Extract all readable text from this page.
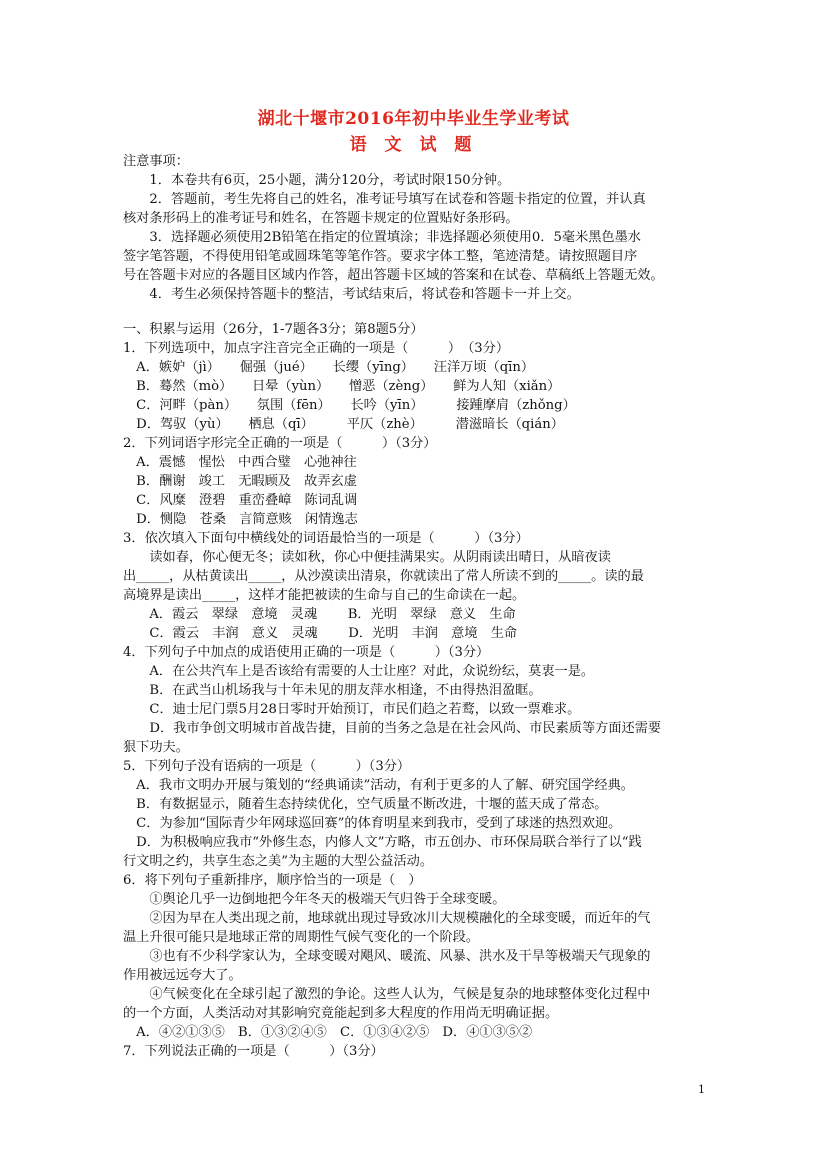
湖北十堰市2016年初中毕业生学业考试
语 文 试 题
注意事项：
　　1．本卷共有6页，25小题，满分120分，考试时限150分钟。
　　2．答题前，考生先将自己的姓名，准考证号填写在试卷和答题卡指定的位置，并认真
核对条形码上的准考证号和姓名，在答题卡规定的位置贴好条形码。
　　3．选择题必须使用2B铅笔在指定的位置填涂；非选择题必须使用0．5毫米黑色墨水
签字笔答题，不得使用铅笔或圆珠笔等笔作答。要求字体工整，笔迹清楚。请按照题目序
号在答题卡对应的各题目区域内作答，超出答题卡区域的答案和在试卷、草稿纸上答题无效。
　　4．考生必须保持答题卡的整洁，考试结束后，将试卷和答题卡一并上交。
一、积累与运用（26分，1-7题各3分；第8题5分）
1．下列选项中，加点字注音完全正确的一项是（　　　）　（3分）
　A．嫉妒（jì）　　倔强（jué）　　长缨（yīng）　　汪洋万顷（qīn）
　B．蓦然（mò）　　日晕（yùn）　　憎恶（zèng）　　鲜为人知（xiǎn）
　C．河畔（pàn）　　氛围（fēn）　　长吟（yīn）　　　接踵摩肩（zhǒng）
　D．驾驭（yù）　　栖息（qī）　　　平仄（zhè）　　　潜滋暗长（qián）
2．下列词语字形完全正确的一项是（　　　）（3分）
　A．震憾　惺忪　中西合璧　心弛神往
　B．酬谢　竣工　无暇顾及　故弄玄虚
　C．风糜　澄碧　重峦叠嶂　陈词乱调
　D．恻隐　苍桑　言简意赅　闲情逸志
3．依次填入下面句中横线处的词语最恰当的一项是（　　　）（3分）
　　读如春，你心便无冬；读如秋，你心中便挂满果实。从阴雨读出晴日，从暗夜读
出_____，从枯黄读出_____，从沙漠读出清泉，你就读出了常人所读不到的_____。读的最
高境界是读出_____，这样才能把被读的生命与自己的生命读在一起。
　　A．霞云　翠绿　意境　灵魂　　 B．光明　翠绿　意义　生命
　　C．霞云　丰润　意义　灵魂　　 D．光明　丰润　意境　生命
4．下列句子中加点的成语使用正确的一项是（　　　）（3分）
　　A．在公共汽车上是否该给有需要的人士让座？对此，众说纷纭，莫衷一是。
　　B．在武当山机场我与十年未见的朋友萍水相逢，不由得热泪盈眶。
　　C．迪士尼门票5月28日零时开始预订，市民们趋之若鹜，以致一票难求。
　　D．我市争创文明城市首战告捷，目前的当务之急是在社会风尚、市民素质等方面还需要
狠下功夫。
5．下列句子没有语病的一项是（　　　）（3分）
　A．我市文明办开展与策划的“经典诵读”活动，有利于更多的人了解、研究国学经典。
　B．有数据显示，随着生态持续优化，空气质量不断改进，十堰的蓝天成了常态。
　C．为参加“国际青少年网球巡回赛”的体育明星来到我市，受到了球迷的热烈欢迎。
　D．为积极响应我市“外修生态，内修人文”方略，市五创办、市环保局联合举行了以“践
行文明之约，共享生态之美”为主题的大型公益活动。
6．将下列句子重新排序，顺序恰当的一项是（　）
　　①舆论几乎一边倒地把今年冬天的极端天气归咎于全球变暖。
　　②因为早在人类出现之前，地球就出现过导致冰川大规模融化的全球变暖，而近年的气
温上升很可能只是地球正常的周期性气候气变化的一个阶段。
　　③也有不少科学家认为，全球变暖对飓风、暖流、风暴、洪水及干旱等极端天气现象的
作用被远远夸大了。
　　④气候变化在全球引起了激烈的争论。这些人认为，气候是复杂的地球整体变化过程中
的一个方面，人类活动对其影响究竟能起到多大程度的作用尚无明确证据。
　A．④②①③⑤　B．①③②④⑤　C．①③④②⑤　D．④①③⑤②
7．下列说法正确的一项是（　　　）（3分）
1
